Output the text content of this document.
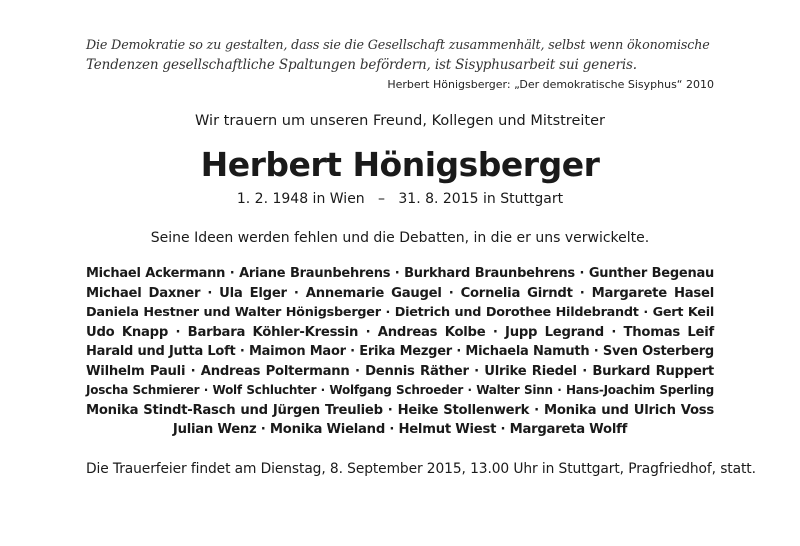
Die Demokratie so zu gestalten, dass sie die Gesellschaft zusammenhält, selbst wenn ökonomische
Tendenzen gesellschaftliche Spaltungen befördern, ist Sisyphusarbeit sui generis.
Herbert Hönigsberger: „Der demokratische Sisyphus“ 2010
Wir trauern um unseren Freund, Kollegen und Mitstreiter
Herbert Hönigsberger
1. 2. 1948 in Wien   –   31. 8. 2015 in Stuttgart
Seine Ideen werden fehlen und die Debatten, in die er uns verwickelte.
Michael Ackermann · Ariane Braunbehrens · Burkhard Braunbehrens · Gunther Begenau
Michael Daxner · Ula Elger · Annemarie Gaugel · Cornelia Girndt · Margarete Hasel
Daniela Hestner und Walter Hönigsberger · Dietrich und Dorothee Hildebrandt · Gert Keil
Udo Knapp · Barbara Köhler-Kressin · Andreas Kolbe · Jupp Legrand · Thomas Leif
Harald und Jutta Loft · Maimon Maor · Erika Mezger · Michaela Namuth · Sven Osterberg
Wilhelm Pauli · Andreas Poltermann · Dennis Räther · Ulrike Riedel · Burkard Ruppert
Joscha Schmierer · Wolf Schluchter · Wolfgang Schroeder · Walter Sinn · Hans-Joachim Sperling
Monika Stindt-Rasch und Jürgen Treulieb · Heike Stollenwerk · Monika und Ulrich Voss
Julian Wenz · Monika Wieland · Helmut Wiest · Margareta Wolff
Die Trauerfeier findet am Dienstag, 8. September 2015, 13.00 Uhr in Stuttgart, Pragfriedhof, statt.
